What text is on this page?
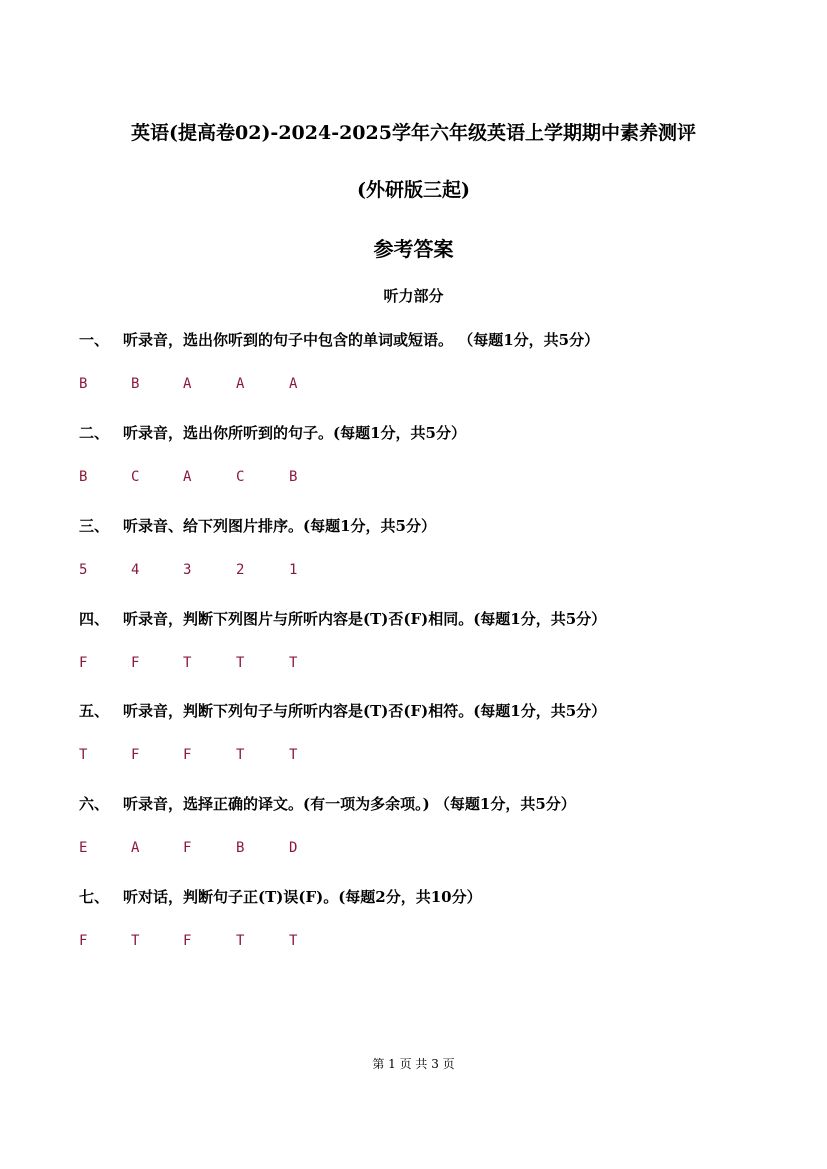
英语(提高卷02)-2024-2025学年六年级英语上学期期中素养测评
(外研版三起)
参考答案
听力部分
一、 听录音，选出你听到的句子中包含的单词或短语。 （每题1分，共5分）
B	B	A	A	A
二、 听录音，选出你所听到的句子。(每题1分，共5分）
B	C	A	C	B
三、 听录音、给下列图片排序。(每题1分，共5分）
5	4	3	2	1
四、 听录音，判断下列图片与所听内容是(T)否(F)相同。(每题1分，共5分）
F	F	T	T	T
五、 听录音，判断下列句子与所听内容是(T)否(F)相符。(每题1分，共5分）
T	F	F	T	T
六、 听录音，选择正确的译文。(有一项为多余项。) （每题1分，共5分）
E	A	F	B	D
七、 听对话，判断句子正(T)误(F)。(每题2分，共10分）
F	T	F	T	T
第 1 页 共 3 页
